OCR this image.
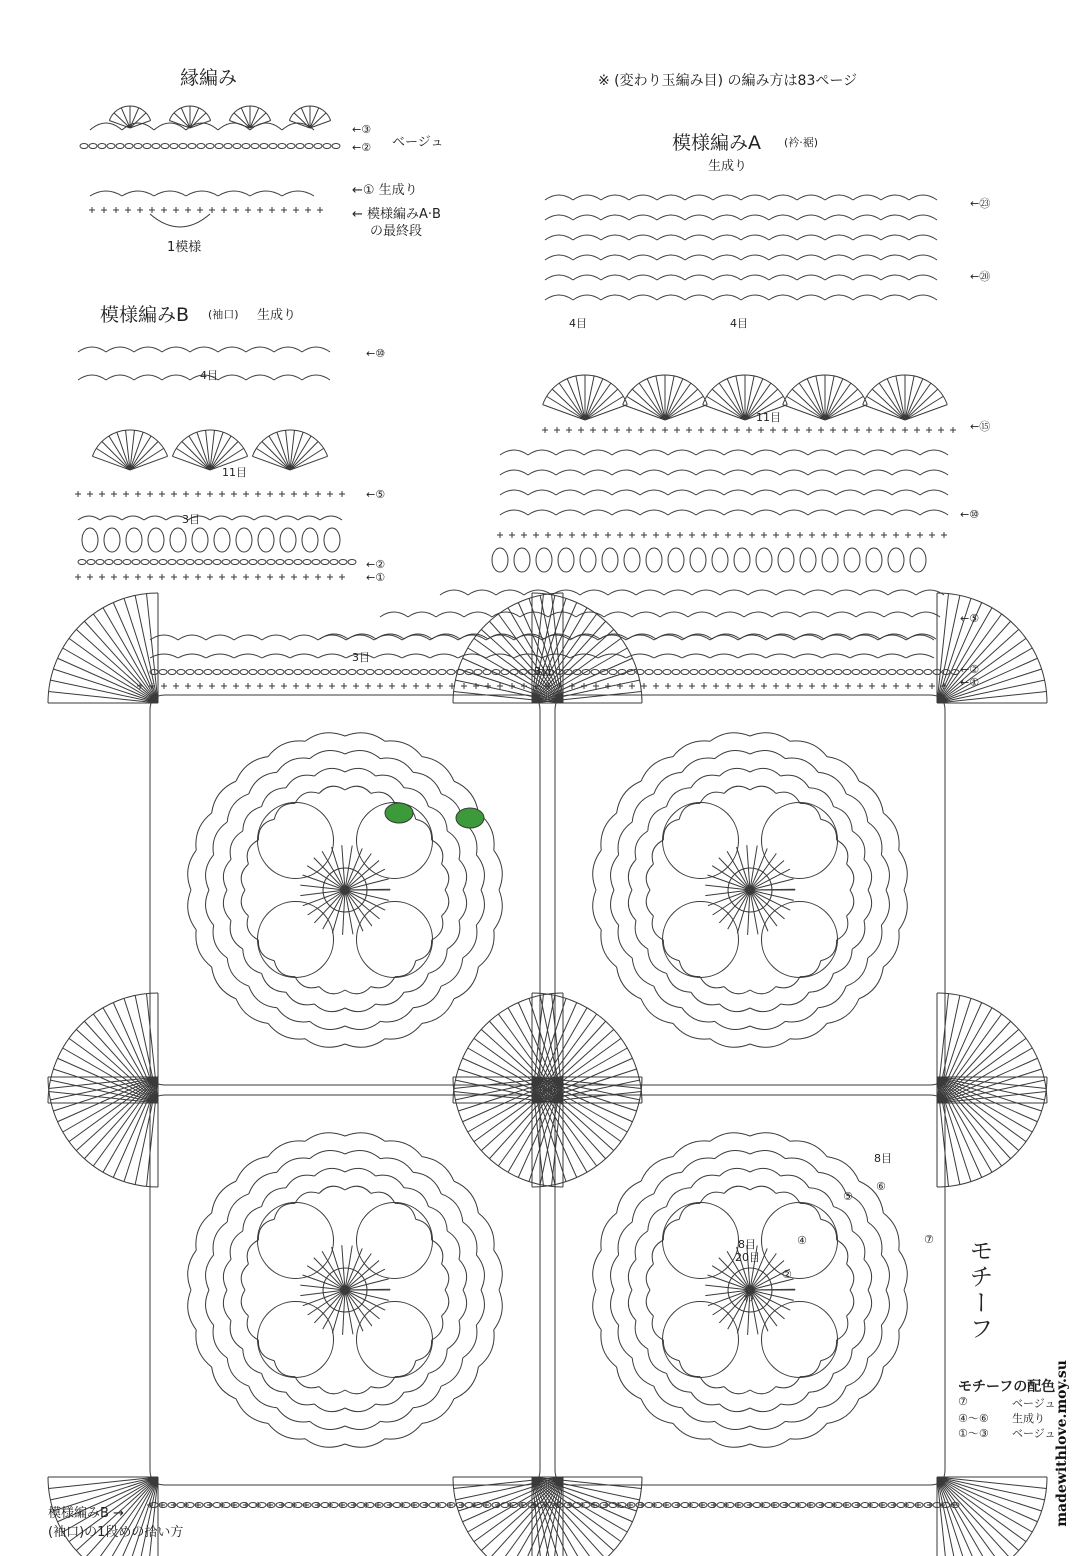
※ (変わり玉編み目) の編み方は83ページ
縁編み
←③
←② ベージュ
←① 生成り
← 模様編みA·B
の最終段
1模様
模様編みB (袖口) 生成り
←⑩
←⑤
←②
←①
4目
11目
3目
模様編みA (衿·裾)
生成り
←㉓
←⑳
←⑮
←⑩
←⑤
←②
←①
4目	4目
11目
3目
3目
8目
8目
20目
わ
⑤
⑥
④
②
⑦ モチーフ
モチーフの配色
⑦	ベージュ
④〜⑥ 生成り
①〜③ ベージュ
模様編みB →
(袖口)の1段めの拾い方
madewithlove.moy.su
